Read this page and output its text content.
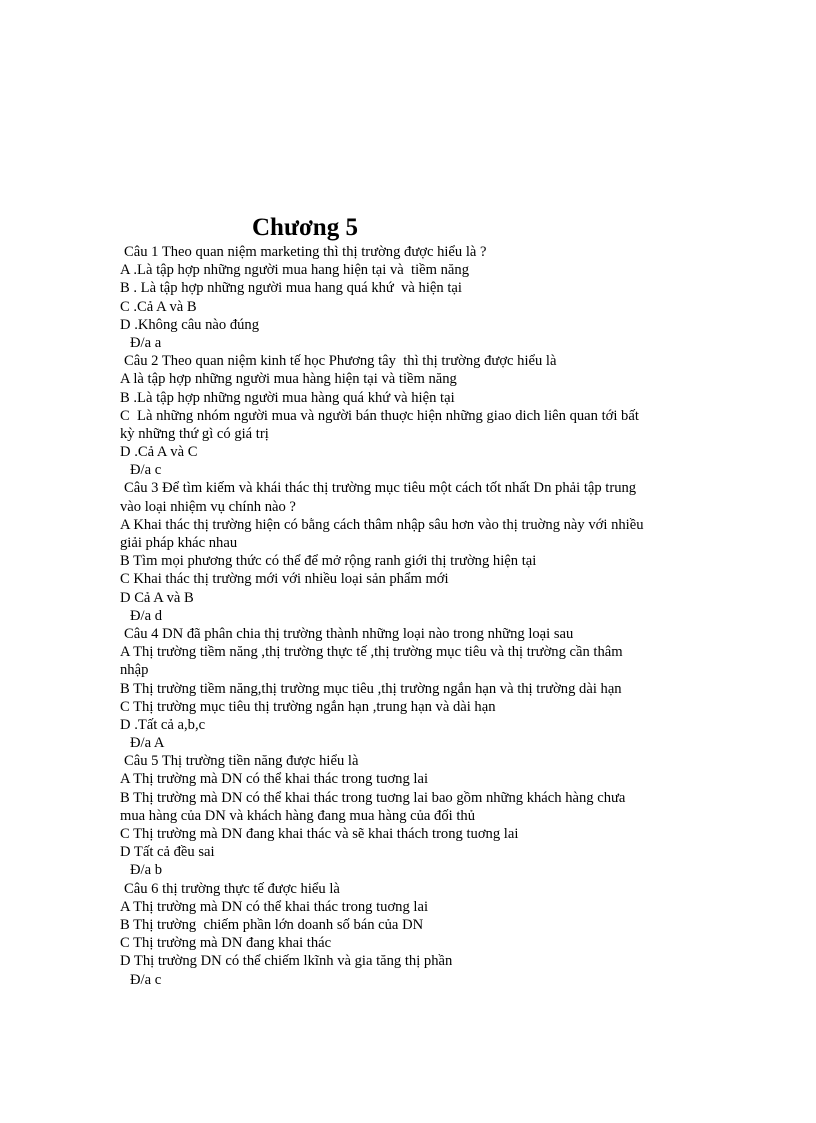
Chương 5
Câu 1 Theo quan niệm marketing thì thị trường được hiểu là ?
A .Là tập hợp những người mua hang hiện tại và  tiềm năng
B . Là tập hợp những người mua hang quá khứ  và hiện tại
C .Cả A và B
D .Không câu nào đúng
Đ/a a
Câu 2 Theo quan niệm kinh tế học Phương tây  thì thị trường được hiểu là
A là tập hợp những người mua hàng hiện tại và tiềm năng
B .Là tập hợp những người mua hàng quá khứ và hiện tại
C  Là những nhóm người mua và người bán thuợc hiện những giao dich liên quan tới bất
kỳ những thứ gì có giá trị
D .Cả A và C
Đ/a c
Câu 3 Để tìm kiếm và khái thác thị trường mục tiêu một cách tốt nhất Dn phải tập trung
vào loại nhiệm vụ chính nào ?
A Khai thác thị trường hiện có bằng cách thâm nhập sâu hơn vào thị truờng này với nhiều
giải pháp khác nhau
B Tìm mọi phương thức có thể để mở rộng ranh giới thị trường hiện tại
C Khai thác thị trường mới với nhiều loại sản phẩm mới
D Cả A và B
Đ/a d
Câu 4 DN đã phân chia thị trường thành những loại nào trong những loại sau
A Thị trường tiềm năng ,thị trường thực tế ,thị trường mục tiêu và thị trường cần thâm
nhập
B Thị trường tiềm năng,thị trường mục tiêu ,thị trường ngắn hạn và thị trường dài hạn
C Thị trường mục tiêu thị trường ngắn hạn ,trung hạn và dài hạn
D .Tất cả a,b,c
Đ/a A
Câu 5 Thị trường tiền năng được hiểu là
A Thị trường mà DN có thể khai thác trong tuơng lai
B Thị trường mà DN có thể khai thác trong tuơng lai bao gồm những khách hàng chưa
mua hàng của DN và khách hàng đang mua hàng của đối thủ
C Thị trường mà DN đang khai thác và sẽ khai thách trong tuơng lai
D Tất cả đều sai
Đ/a b
Câu 6 thị trường thực tế được hiểu là
A Thị trường mà DN có thể khai thác trong tuơng lai
B Thị trường  chiếm phần lớn doanh số bán của DN
C Thị trường mà DN đang khai thác
D Thị trường DN có thể chiếm lkĩnh và gia tăng thị phần
Đ/a c
